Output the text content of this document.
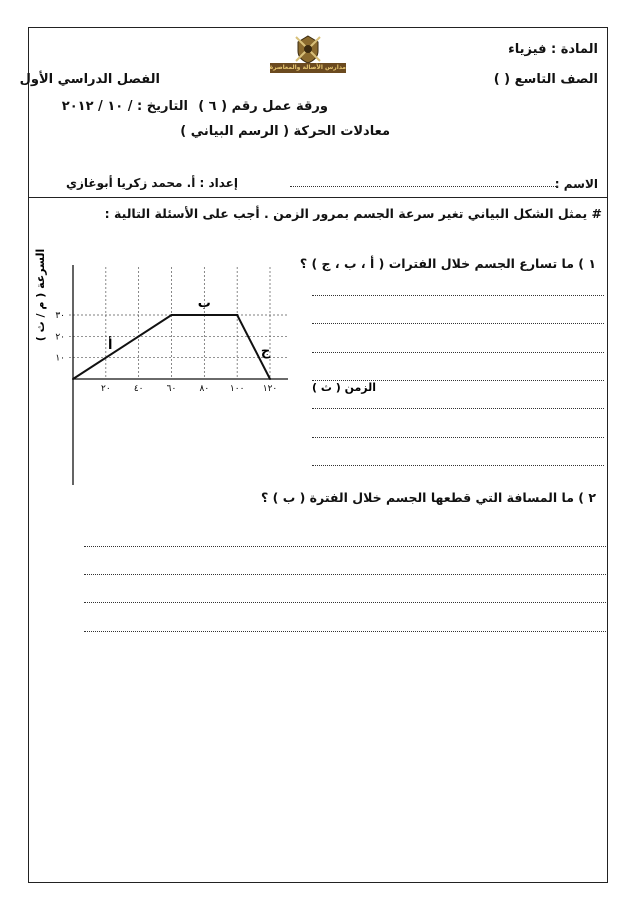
المادة : فيزياء
الصف التاسع ( )
الفصل الدراسي الأول
مدارس الأصالة والمعاصرة
ورقة عمل رقم ( ٦ )
التاريخ : / ١٠ / ٢٠١٢
معادلات الحركة ( الرسم البياني )
الاسم :
إعداد : أ. محمد زكريا أبوغازي
# يمثل الشكل البياني تغير سرعة الجسم بمرور الزمن . أجب على الأسئلة التالية :
١ ) ما تسارع الجسم خلال الفترات ( أ ، ب ، ج ) ؟
٢ ) ما المسافة التي قطعها الجسم خلال الفترة ( ب ) ؟
٢٠	٤٠	٦٠	٨٠ ١٠٠ ١٢٠
١٠
٢٠
٣٠
أ
ب
ج
السرعة ( م / ث )
الزمن ( ث )
